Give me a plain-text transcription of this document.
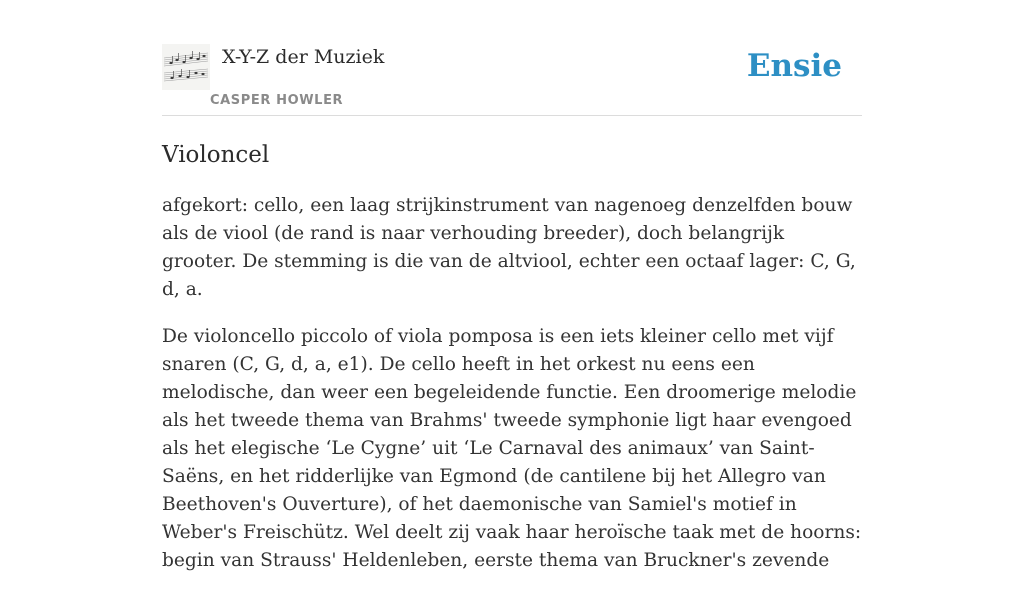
X-Y-Z der Muziek
CASPER HOWLER
Ensie
Violoncel

afgekort: cello, een laag strijkinstrument van nagenoeg denzelfden bouw als de viool (de rand is naar verhouding breeder), doch belangrijk grooter. De stemming is die van de altviool, echter een octaaf lager: C, G, d, a.

De violoncello piccolo of viola pomposa is een iets kleiner cello met vijf snaren (C, G, d, a, e1). De cello heeft in het orkest nu eens een melodische, dan weer een begeleidende functie. Een droomerige melodie als het tweede thema van Brahms' tweede symphonie ligt haar evengoed als het elegische ‘Le Cygne’ uit ‘Le Carnaval des animaux’ van Saint-Saëns, en het ridderlijke van Egmond (de cantilene bij het Allegro van Beethoven's Ouverture), of het daemonische van Samiel's motief in Weber's Freischütz. Wel deelt zij vaak haar heroïsche taak met de hoorns: begin van Strauss' Heldenleben, eerste thema van Bruckner's zevende
